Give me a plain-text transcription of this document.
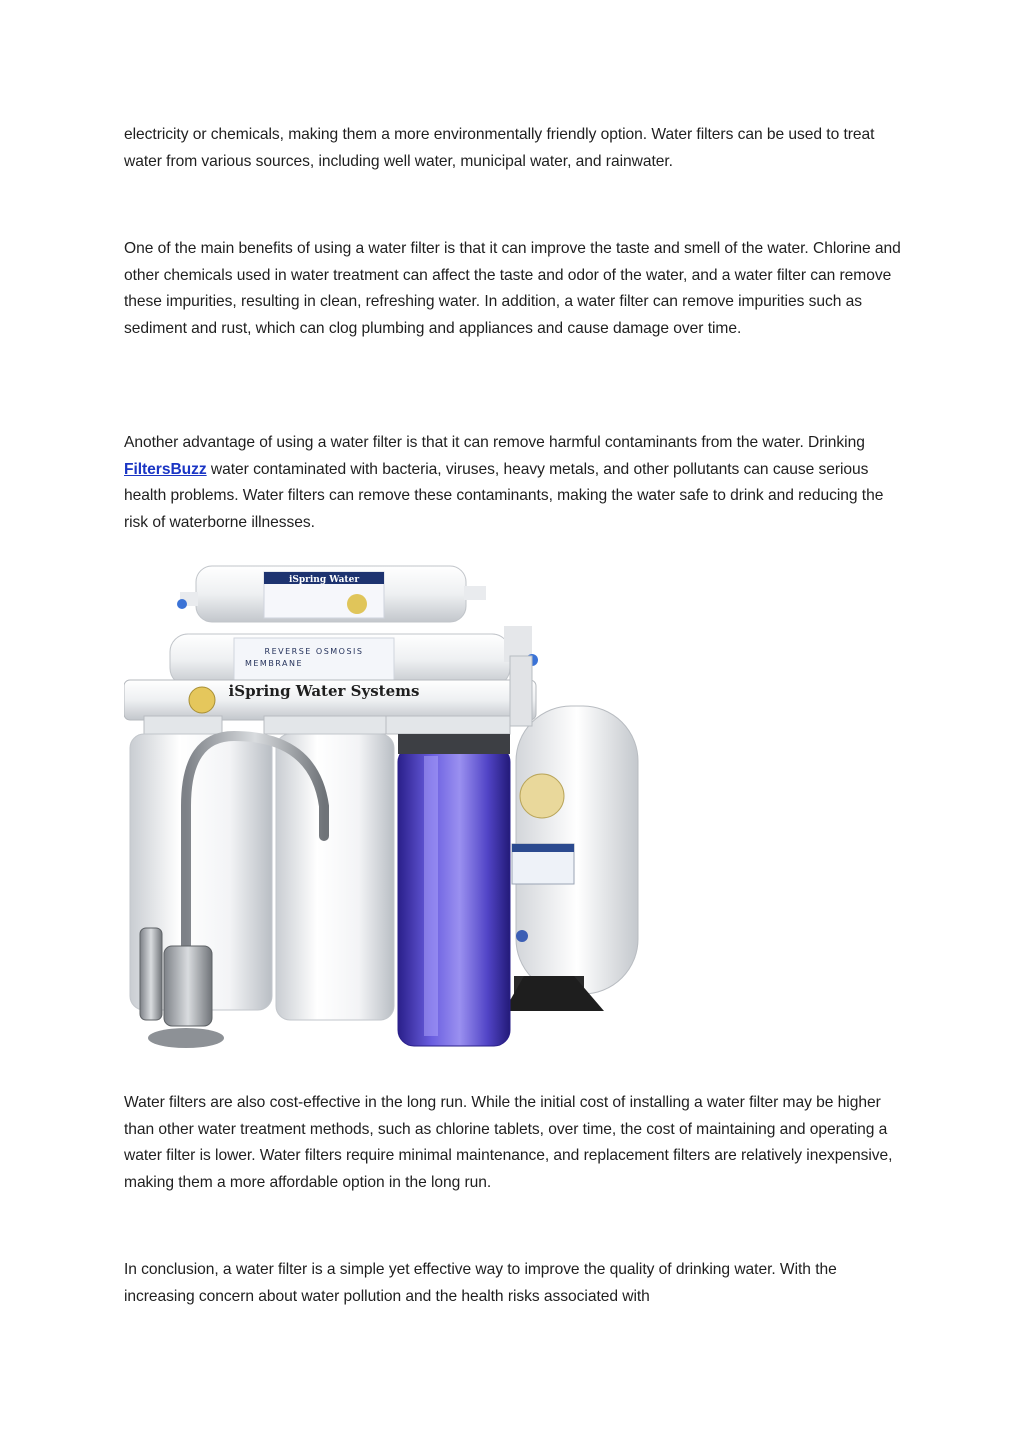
electricity or chemicals, making them a more environmentally friendly option. Water filters can be used to treat water from various sources, including well water, municipal water, and rainwater.

One of the main benefits of using a water filter is that it can improve the taste and smell of the water. Chlorine and other chemicals used in water treatment can affect the taste and odor of the water, and a water filter can remove these impurities, resulting in clean, refreshing water. In addition, a water filter can remove impurities such as sediment and rust, which can clog plumbing and appliances and cause damage over time.

Another advantage of using a water filter is that it can remove harmful contaminants from the water. Drinking FiltersBuzz water contaminated with bacteria, viruses, heavy metals, and other pollutants can cause serious health problems. Water filters can remove these contaminants, making the water safe to drink and reducing the risk of waterborne illnesses.

iSpring Water
REVERSE OSMOSIS
MEMBRANE
iSpring Water Systems

Water filters are also cost-effective in the long run. While the initial cost of installing a water filter may be higher than other water treatment methods, such as chlorine tablets, over time, the cost of maintaining and operating a water filter is lower. Water filters require minimal maintenance, and replacement filters are relatively inexpensive, making them a more affordable option in the long run.

In conclusion, a water filter is a simple yet effective way to improve the quality of drinking water. With the increasing concern about water pollution and the health risks associated with
